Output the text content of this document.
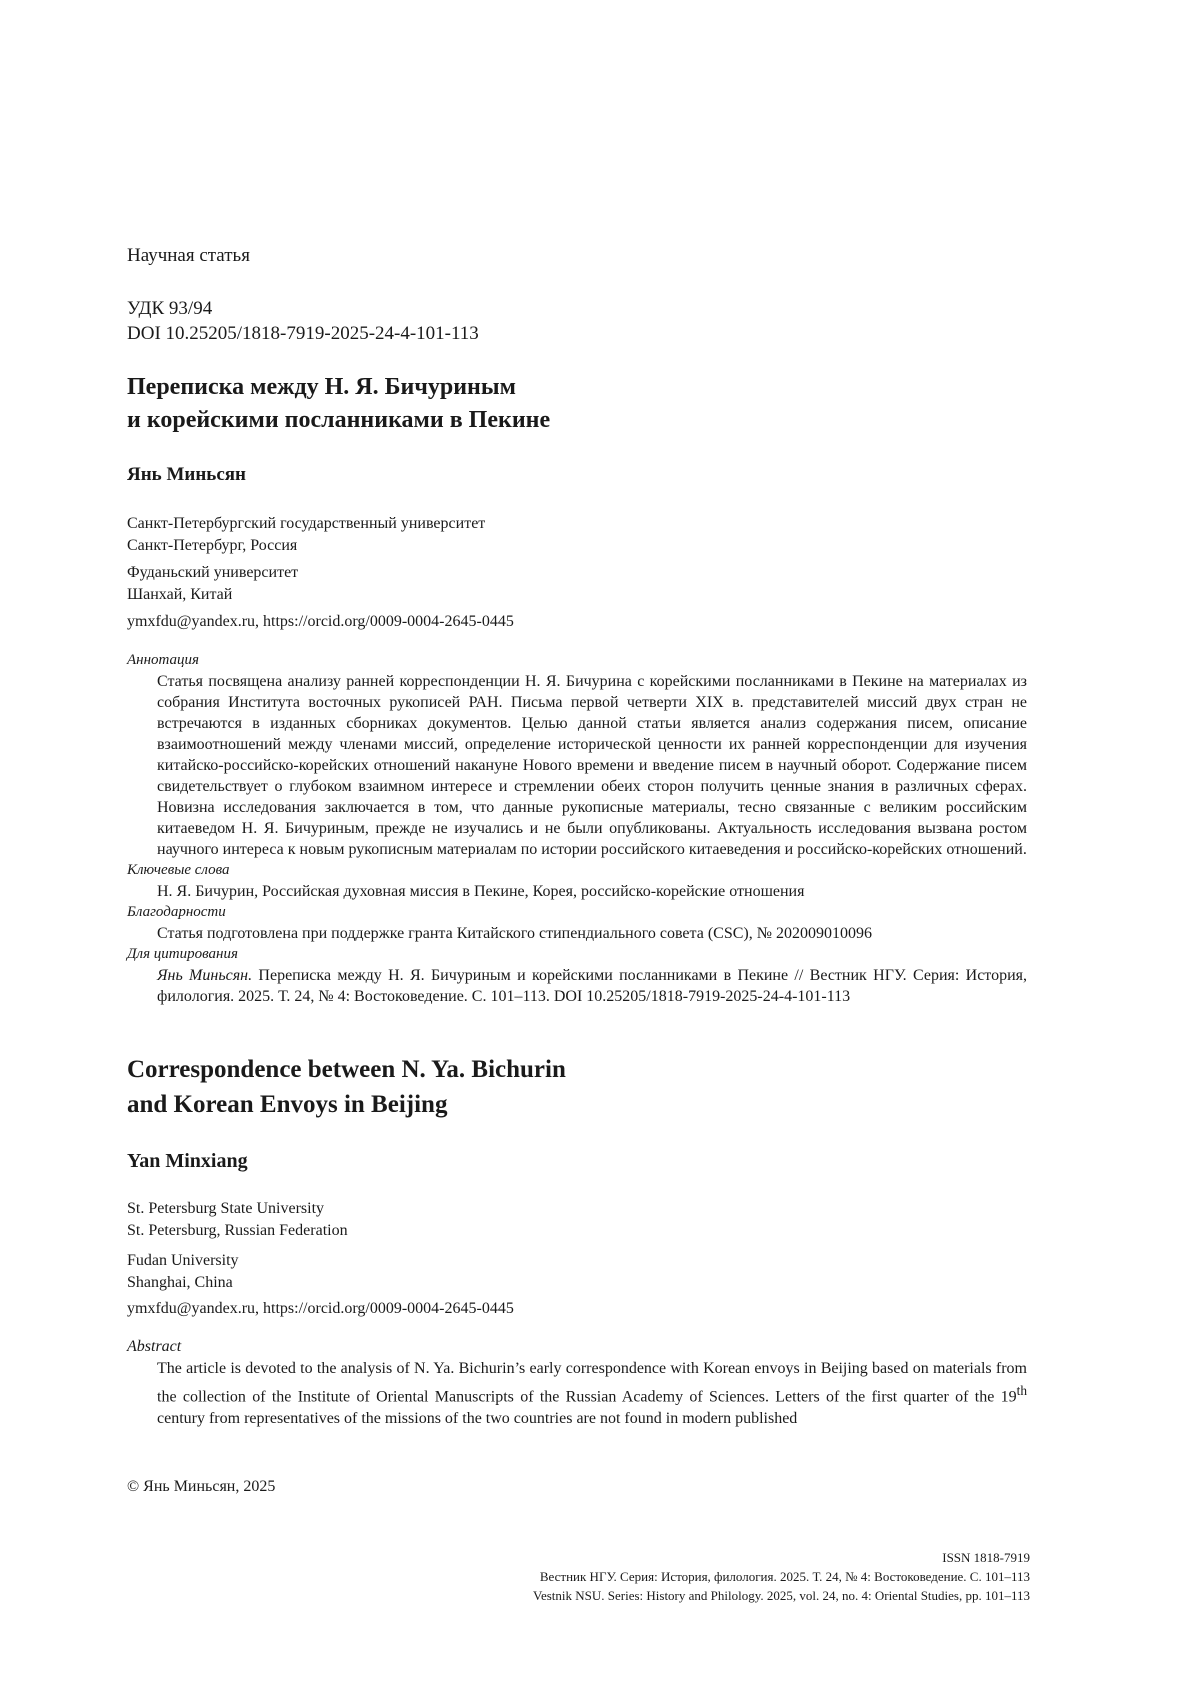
Научная статья
УДК 93/94
DOI 10.25205/1818-7919-2025-24-4-101-113
Переписка между Н. Я. Бичуриным
и корейскими посланниками в Пекине
Янь Миньсян
Санкт-Петербургский государственный университет
Санкт-Петербург, Россия
Фуданьский университет
Шанхай, Китай
ymxfdu@yandex.ru, https://orcid.org/0009-0004-2645-0445
Аннотация
Статья посвящена анализу ранней корреспонденции Н. Я. Бичурина с корейскими посланниками в Пекине на материалах из собрания Института восточных рукописей РАН. Письма первой четверти XIX в. представителей миссий двух стран не встречаются в изданных сборниках документов. Целью данной статьи является анализ содержания писем, описание взаимоотношений между членами миссий, определение исторической ценности их ранней корреспонденции для изучения китайско-российско-корейских отношений накануне Нового времени и введение писем в научный оборот. Содержание писем свидетельствует о глубоком взаимном интересе и стремлении обеих сторон получить ценные знания в различных сферах. Новизна исследования заключается в том, что данные рукописные материалы, тесно связанные с великим российским китаеведом Н. Я. Бичуриным, прежде не изучались и не были опубликованы. Актуальность исследования вызвана ростом научного интереса к новым рукописным материалам по истории российского китаеведения и российско-корейских отношений.
Ключевые слова
Н. Я. Бичурин, Российская духовная миссия в Пекине, Корея, российско-корейские отношения
Благодарности
Статья подготовлена при поддержке гранта Китайского стипендиального совета (CSC), № 202009010096
Для цитирования
Янь Миньсян. Переписка между Н. Я. Бичуриным и корейскими посланниками в Пекине // Вестник НГУ. Серия: История, филология. 2025. Т. 24, № 4: Востоковедение. С. 101–113. DOI 10.25205/1818-7919-2025-24-4-101-113
Correspondence between N. Ya. Bichurin
and Korean Envoys in Beijing
Yan Minxiang
St. Petersburg State University
St. Petersburg, Russian Federation
Fudan University
Shanghai, China
ymxfdu@yandex.ru, https://orcid.org/0009-0004-2645-0445
Abstract
The article is devoted to the analysis of N. Ya. Bichurin’s early correspondence with Korean envoys in Beijing based on materials from the collection of the Institute of Oriental Manuscripts of the Russian Academy of Sciences. Letters of the first quarter of the 19th century from representatives of the missions of the two countries are not found in modern published
© Янь Миньсян, 2025
ISSN 1818-7919
Вестник НГУ. Серия: История, филология. 2025. Т. 24, № 4: Востоковедение. С. 101–113
Vestnik NSU. Series: History and Philology. 2025, vol. 24, no. 4: Oriental Studies, pp. 101–113
